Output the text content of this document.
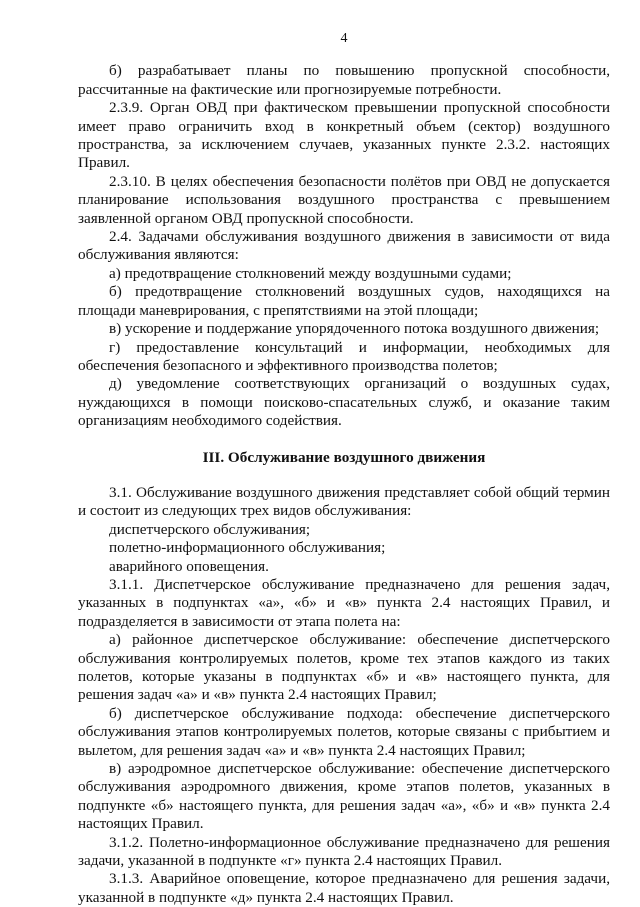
4

б) разрабатывает планы по повышению пропускной способности, рассчитанные на фактические или прогнозируемые потребности.

2.3.9. Орган ОВД при фактическом превышении пропускной способности имеет право ограничить вход в конкретный объем (сектор) воздушного пространства, за исключением случаев, указанных пункте 2.3.2. настоящих Правил.

2.3.10. В целях обеспечения безопасности полётов при ОВД не допускается планирование использования воздушного пространства с превышением заявленной органом ОВД пропускной способности.

2.4. Задачами обслуживания воздушного движения в зависимости от вида обслуживания являются:

а) предотвращение столкновений между воздушными судами;

б) предотвращение столкновений воздушных судов, находящихся на площади маневрирования, с препятствиями на этой площади;

в) ускорение и поддержание упорядоченного потока воздушного движения;

г) предоставление консультаций и информации, необходимых для обеспечения безопасного и эффективного производства полетов;

д) уведомление соответствующих организаций о воздушных судах, нуждающихся в помощи поисково-спасательных служб, и оказание таким организациям необходимого содействия.

III. Обслуживание воздушного движения

3.1. Обслуживание воздушного движения представляет собой общий термин и состоит из следующих трех видов обслуживания:

диспетчерского обслуживания;

полетно-информационного обслуживания;

аварийного оповещения.

3.1.1. Диспетчерское обслуживание предназначено для решения задач, указанных в подпунктах «а», «б» и «в» пункта 2.4 настоящих Правил, и подразделяется в зависимости от этапа полета на:

а) районное диспетчерское обслуживание: обеспечение диспетчерского обслуживания контролируемых полетов, кроме тех этапов каждого из таких полетов, которые указаны в подпунктах «б» и «в» настоящего пункта, для решения задач «а» и «в» пункта 2.4 настоящих Правил;

б) диспетчерское обслуживание подхода: обеспечение диспетчерского обслуживания этапов контролируемых полетов, которые связаны с прибытием и вылетом, для решения задач «а» и «в» пункта 2.4 настоящих Правил;

в) аэродромное диспетчерское обслуживание: обеспечение диспетчерского обслуживания аэродромного движения, кроме этапов полетов, указанных в подпункте «б» настоящего пункта, для решения задач «а», «б» и «в» пункта 2.4 настоящих Правил.

3.1.2. Полетно-информационное обслуживание предназначено для решения задачи, указанной в подпункте «г» пункта 2.4 настоящих Правил.

3.1.3. Аварийное оповещение, которое предназначено для решения задачи, указанной в подпункте «д» пункта 2.4 настоящих Правил.
